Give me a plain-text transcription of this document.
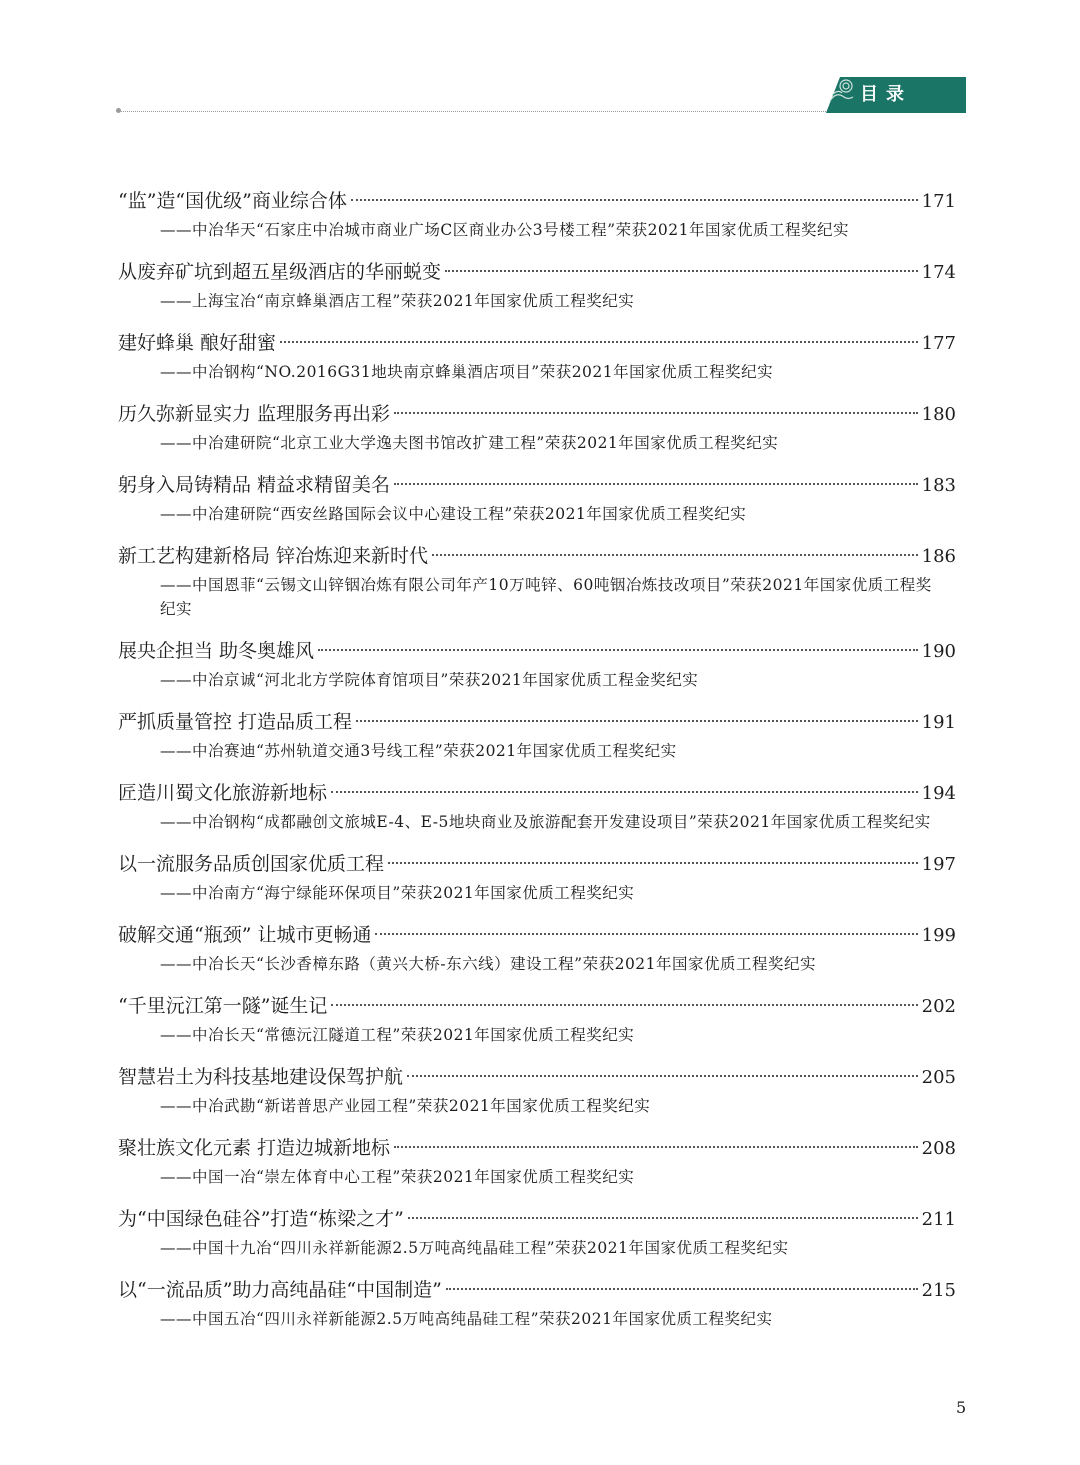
目录
“监”造“国优级”商业综合体	171
——中冶华天“石家庄中冶城市商业广场C区商业办公3号楼工程”荣获2021年国家优质工程奖纪实
从废弃矿坑到超五星级酒店的华丽蜕变	174
——上海宝冶“南京蜂巢酒店工程”荣获2021年国家优质工程奖纪实
建好蜂巢 酿好甜蜜	177
——中冶钢构“NO.2016G31地块南京蜂巢酒店项目”荣获2021年国家优质工程奖纪实
历久弥新显实力 监理服务再出彩	180
——中冶建研院“北京工业大学逸夫图书馆改扩建工程”荣获2021年国家优质工程奖纪实
躬身入局铸精品 精益求精留美名	183
——中冶建研院“西安丝路国际会议中心建设工程”荣获2021年国家优质工程奖纪实
新工艺构建新格局 锌冶炼迎来新时代	186
——中国恩菲“云锡文山锌铟冶炼有限公司年产10万吨锌、60吨铟冶炼技改项目”荣获2021年国家优质工程奖纪实
展央企担当 助冬奥雄风	190
——中冶京诚“河北北方学院体育馆项目”荣获2021年国家优质工程金奖纪实
严抓质量管控 打造品质工程	191
——中冶赛迪“苏州轨道交通3号线工程”荣获2021年国家优质工程奖纪实
匠造川蜀文化旅游新地标	194
——中冶钢构“成都融创文旅城E-4、E-5地块商业及旅游配套开发建设项目”荣获2021年国家优质工程奖纪实
以一流服务品质创国家优质工程	197
——中冶南方“海宁绿能环保项目”荣获2021年国家优质工程奖纪实
破解交通“瓶颈” 让城市更畅通	199
——中冶长天“长沙香樟东路（黄兴大桥-东六线）建设工程”荣获2021年国家优质工程奖纪实
“千里沅江第一隧”诞生记	202
——中冶长天“常德沅江隧道工程”荣获2021年国家优质工程奖纪实
智慧岩土为科技基地建设保驾护航	205
——中冶武勘“新诺普思产业园工程”荣获2021年国家优质工程奖纪实
聚壮族文化元素 打造边城新地标	208
——中国一冶“崇左体育中心工程”荣获2021年国家优质工程奖纪实
为“中国绿色硅谷”打造“栋梁之才”	211
——中国十九冶“四川永祥新能源2.5万吨高纯晶硅工程”荣获2021年国家优质工程奖纪实
以“一流品质”助力高纯晶硅“中国制造”	215
——中国五冶“四川永祥新能源2.5万吨高纯晶硅工程”荣获2021年国家优质工程奖纪实
5
